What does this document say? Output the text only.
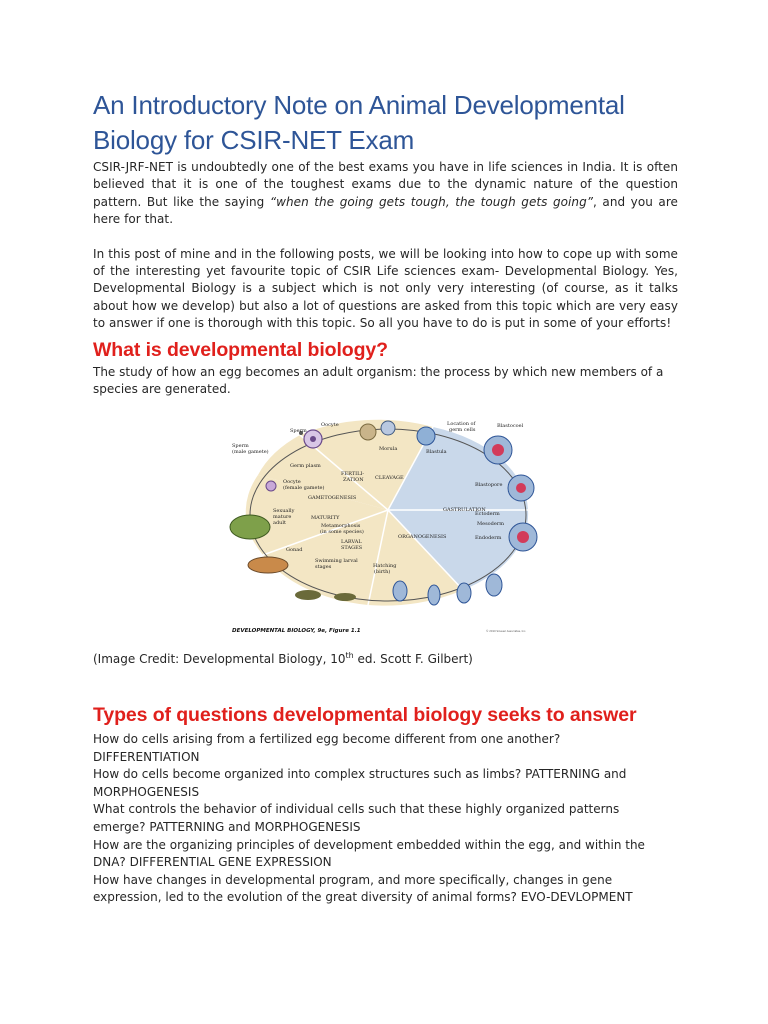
An Introductory Note on Animal Developmental Biology for CSIR-NET Exam

CSIR-JRF-NET is undoubtedly one of the best exams you have in life sciences in India. It is often believed that it is one of the toughest exams due to the dynamic nature of the question pattern. But like the saying “when the going gets tough, the tough gets going”, and you are here for that.

In this post of mine and in the following posts, we will be looking into how to cope up with some of the interesting yet favourite topic of CSIR Life sciences exam- Developmental Biology. Yes, Developmental Biology is a subject which is not only very interesting (of course, as it talks about how we develop) but also a lot of questions are asked from this topic which are very easy to answer if one is thorough with this topic. So all you have to do is put in some of your efforts!

What is developmental biology?

The study of how an egg becomes an adult organism: the process by which new members of a species are generated.

Sperm
Oocyte
Morula
Location of
germ cells
Blastula
Blastocoel
Sperm
(male gamete)
Germ plasm
Oocyte
(female gamete)
FERTILI-
ZATION CLEAVAGE
GAMETOGENESIS
Blastopore
Sexually
mature
adult
MATURITY
Metamorphosis
(in some species)
GASTRULATION
Ectoderm
Mesoderm
Endoderm
LARVAL
STAGES
Gonad
ORGANOGENESIS
Swimming larval
stages	Hatching
(birth)
DEVELOPMENTAL BIOLOGY, 9e, Figure 1.1	© 2010 Sinauer Associates, Inc.
(Image Credit: Developmental Biology, 10th ed. Scott F. Gilbert)
Types of questions developmental biology seeks to answer
How do cells arising from a fertilized egg become different from one another?
DIFFERENTIATION
How do cells become organized into complex structures such as limbs? PATTERNING and
MORPHOGENESIS
What controls the behavior of individual cells such that these highly organized patterns
emerge? PATTERNING and MORPHOGENESIS
How are the organizing principles of development embedded within the egg, and within the
DNA? DIFFERENTIAL GENE EXPRESSION
How have changes in developmental program, and more specifically, changes in gene
expression, led to the evolution of the great diversity of animal forms? EVO-DEVLOPMENT
